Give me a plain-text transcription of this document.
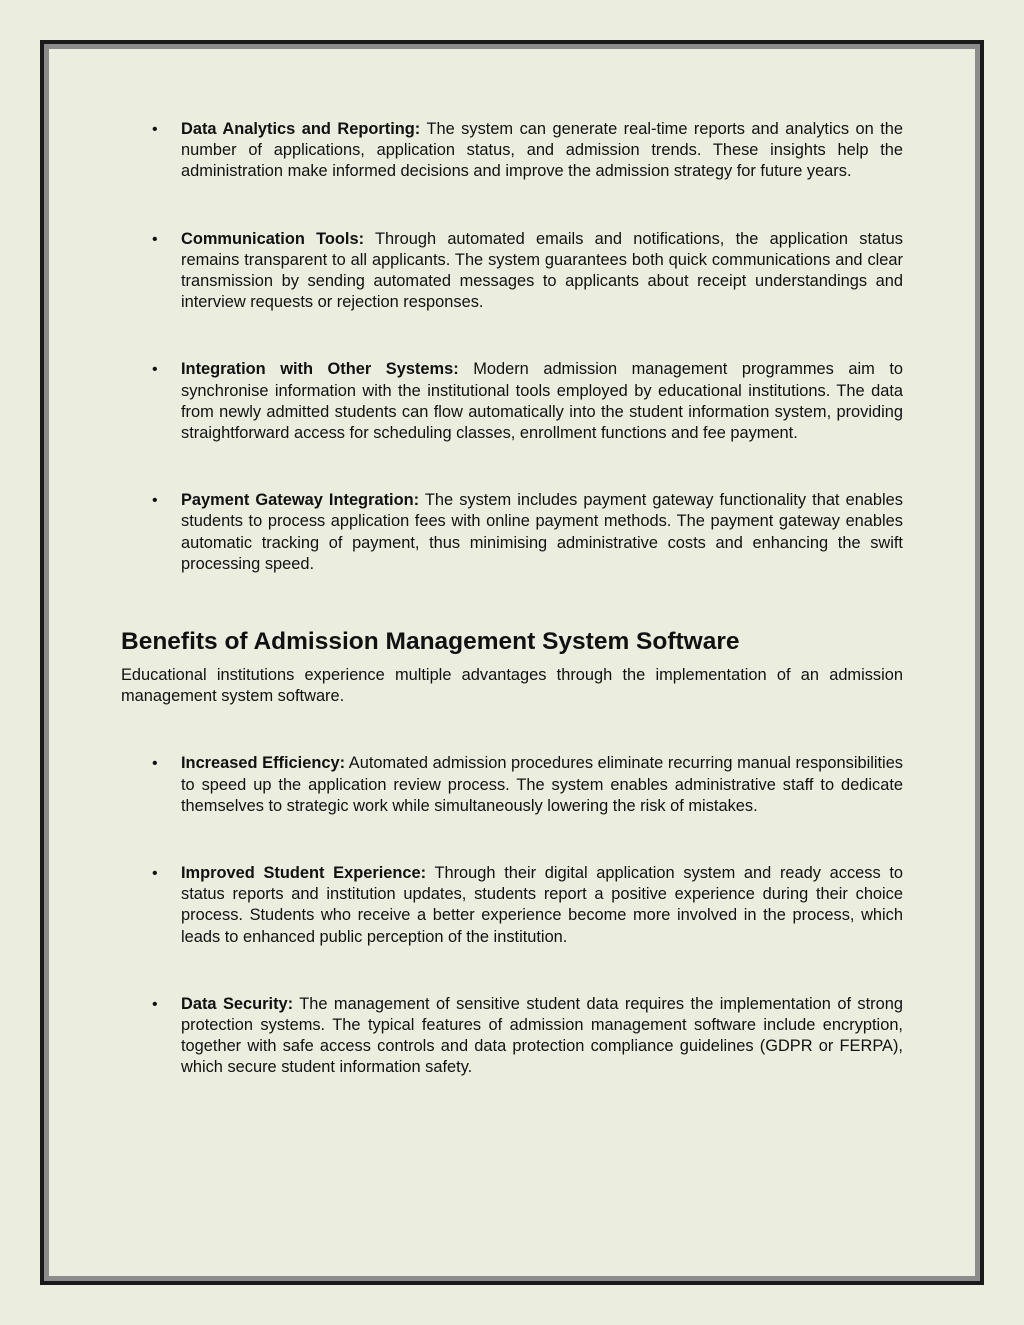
• Data Analytics and Reporting: The system can generate real-time reports and analytics on the number of applications, application status, and admission trends. These insights help the administration make informed decisions and improve the admission strategy for future years.
• Communication Tools: Through automated emails and notifications, the application status remains transparent to all applicants. The system guarantees both quick communications and clear transmission by sending automated messages to applicants about receipt understandings and interview requests or rejection responses.
• Integration with Other Systems: Modern admission management programmes aim to synchronise information with the institutional tools employed by educational institutions. The data from newly admitted students can flow automatically into the student information system, providing straightforward access for scheduling classes, enrollment functions and fee payment.
• Payment Gateway Integration: The system includes payment gateway functionality that enables students to process application fees with online payment methods. The payment gateway enables automatic tracking of payment, thus minimising administrative costs and enhancing the swift processing speed.
Benefits of Admission Management System Software

Educational institutions experience multiple advantages through the implementation of an admission management system software.

• Increased Efficiency: Automated admission procedures eliminate recurring manual responsibilities to speed up the application review process. The system enables administrative staff to dedicate themselves to strategic work while simultaneously lowering the risk of mistakes.
• Improved Student Experience: Through their digital application system and ready access to status reports and institution updates, students report a positive experience during their choice process. Students who receive a better experience become more involved in the process, which leads to enhanced public perception of the institution.
• Data Security: The management of sensitive student data requires the implementation of strong protection systems. The typical features of admission management software include encryption, together with safe access controls and data protection compliance guidelines (GDPR or FERPA), which secure student information safety.
